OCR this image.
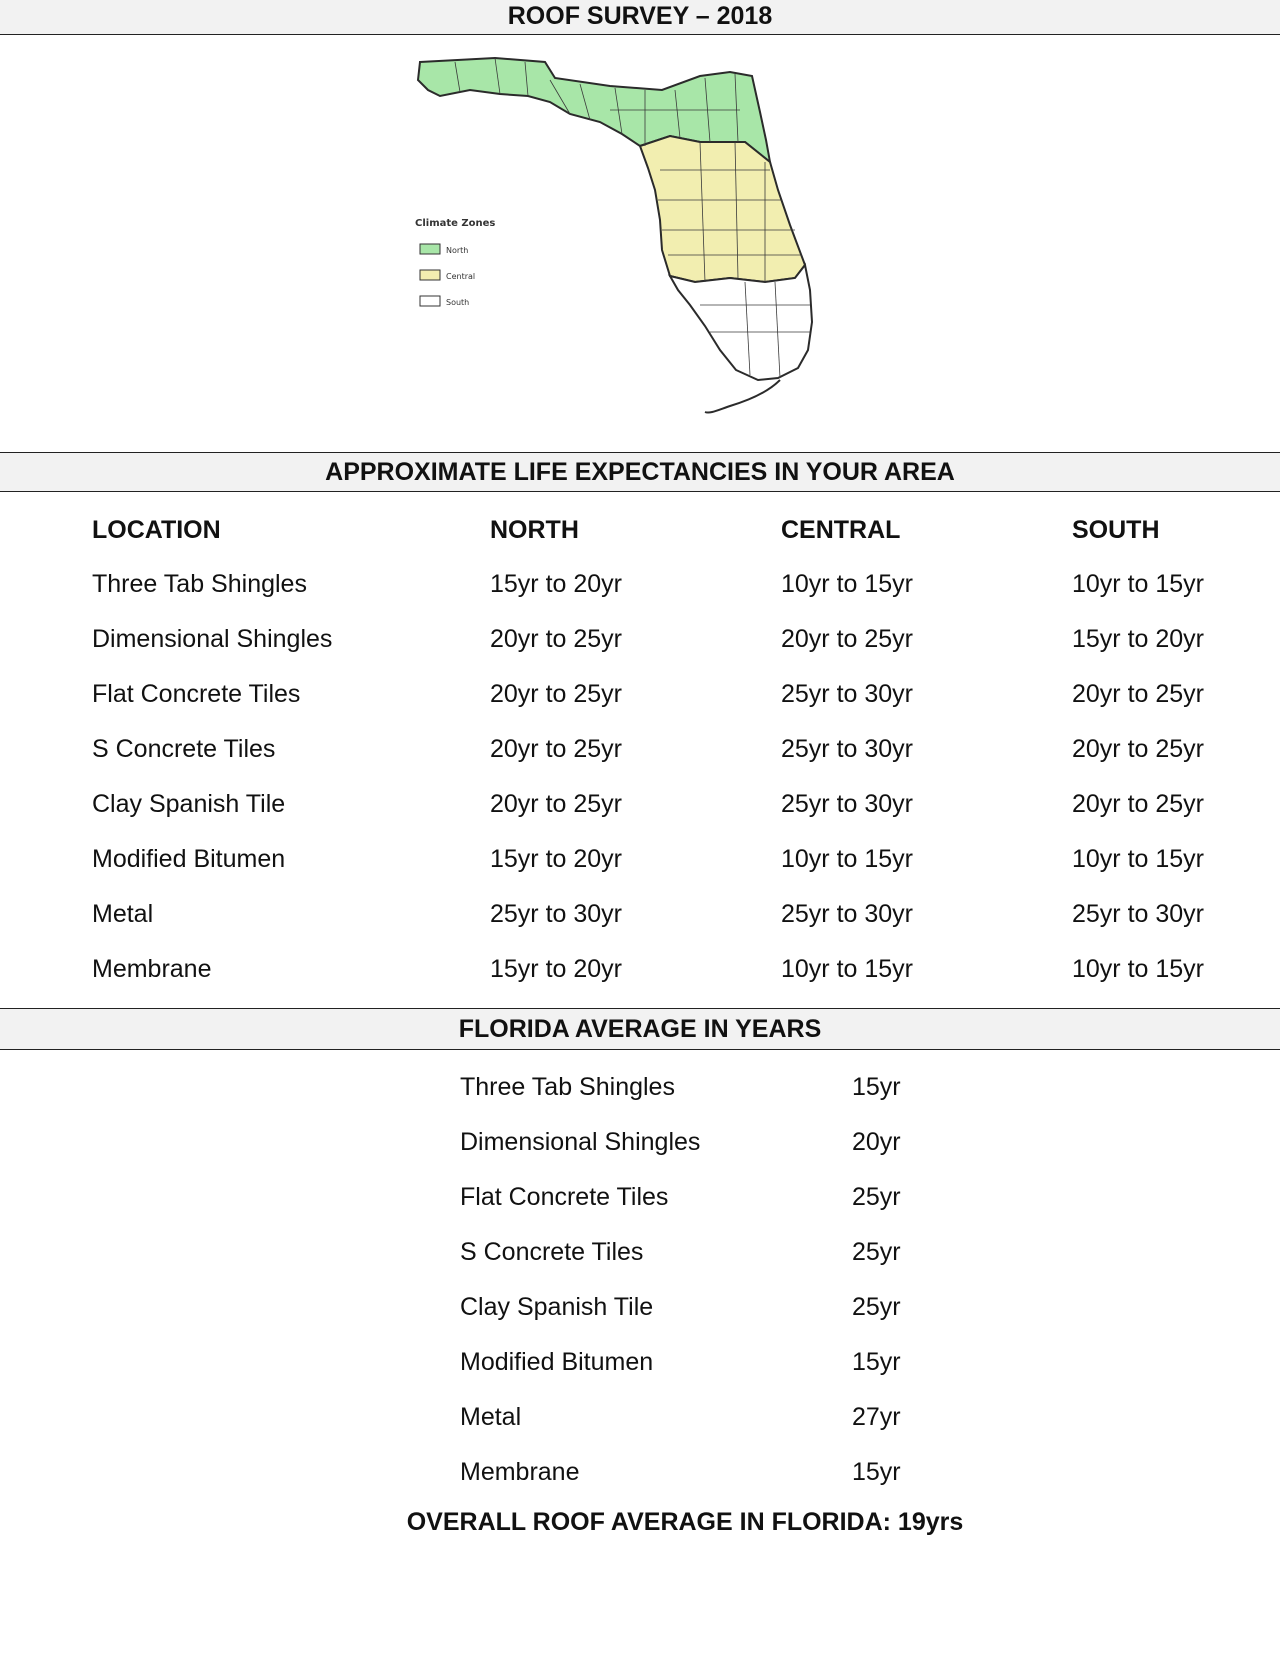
ROOF SURVEY – 2018
Climate Zones
North
Central
South
APPROXIMATE LIFE EXPECTANCIES IN YOUR AREA
LOCATION	NORTH	CENTRAL	SOUTH
Three Tab Shingles	15yr to 20yr	10yr to 15yr	10yr to 15yr
Dimensional Shingles	20yr to 25yr	20yr to 25yr	15yr to 20yr
Flat Concrete Tiles	20yr to 25yr	25yr to 30yr	20yr to 25yr
S Concrete Tiles	20yr to 25yr	25yr to 30yr	20yr to 25yr
Clay Spanish Tile	20yr to 25yr	25yr to 30yr	20yr to 25yr
Modified Bitumen	15yr to 20yr	10yr to 15yr	10yr to 15yr
Metal	25yr to 30yr	25yr to 30yr	25yr to 30yr
Membrane	15yr to 20yr	10yr to 15yr	10yr to 15yr
FLORIDA AVERAGE IN YEARS
Three Tab Shingles	15yr
Dimensional Shingles	20yr
Flat Concrete Tiles	25yr
S Concrete Tiles	25yr
Clay Spanish Tile	25yr
Modified Bitumen	15yr
Metal	27yr
Membrane	15yr
OVERALL ROOF AVERAGE IN FLORIDA: 19yrs
